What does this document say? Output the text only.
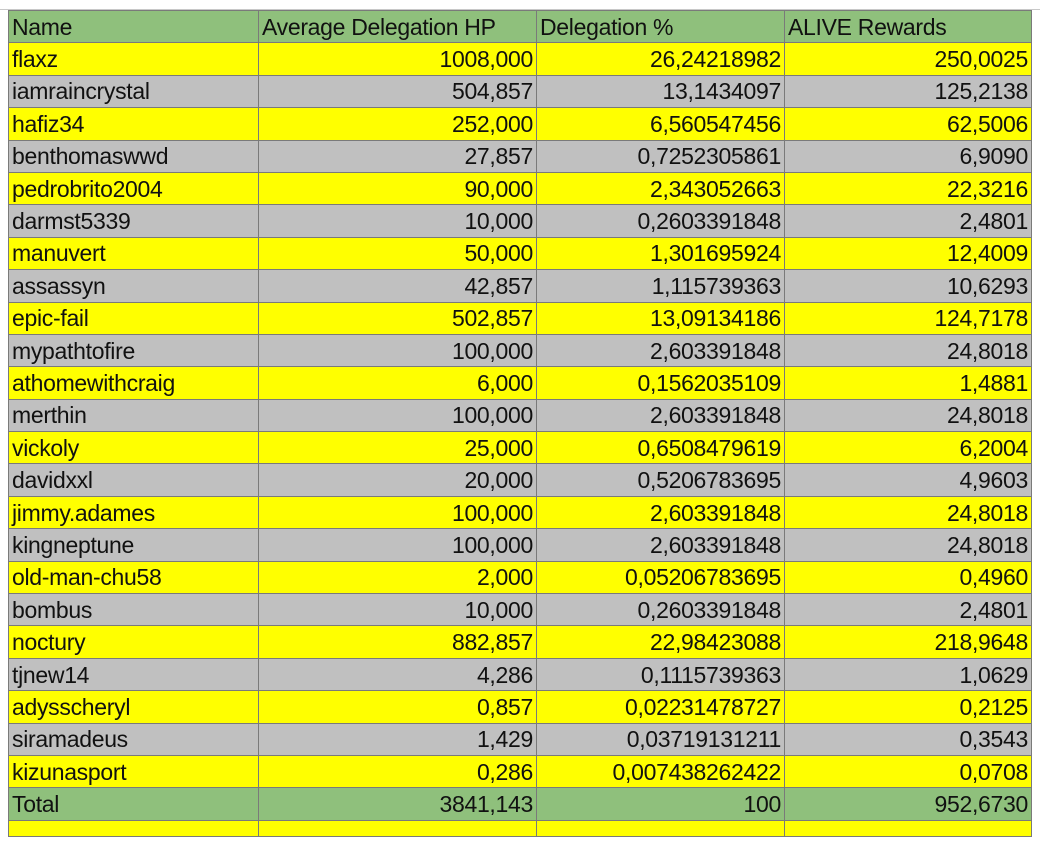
Name	Average Delegation HP	Delegation %	ALIVE Rewards
flaxz	1008,000	26,24218982	250,0025
iamraincrystal	504,857	13,1434097	125,2138
hafiz34	252,000	6,560547456	62,5006
benthomaswwd	27,857	0,7252305861	6,9090
pedrobrito2004	90,000	2,343052663	22,3216
darmst5339	10,000	0,2603391848	2,4801
manuvert	50,000	1,301695924	12,4009
assassyn	42,857	1,115739363	10,6293
epic-fail	502,857	13,09134186	124,7178
mypathtofire	100,000	2,603391848	24,8018
athomewithcraig	6,000	0,1562035109	1,4881
merthin	100,000	2,603391848	24,8018
vickoly	25,000	0,6508479619	6,2004
davidxxl	20,000	0,5206783695	4,9603
jimmy.adames	100,000	2,603391848	24,8018
kingneptune	100,000	2,603391848	24,8018
old-man-chu58	2,000	0,05206783695	0,4960
bombus	10,000	0,2603391848	2,4801
noctury	882,857	22,98423088	218,9648
tjnew14	4,286	0,1115739363	1,0629
adysscheryl	0,857	0,02231478727	0,2125
siramadeus	1,429	0,03719131211	0,3543
kizunasport	0,286	0,007438262422	0,0708
Total	3841,143	100	952,6730
